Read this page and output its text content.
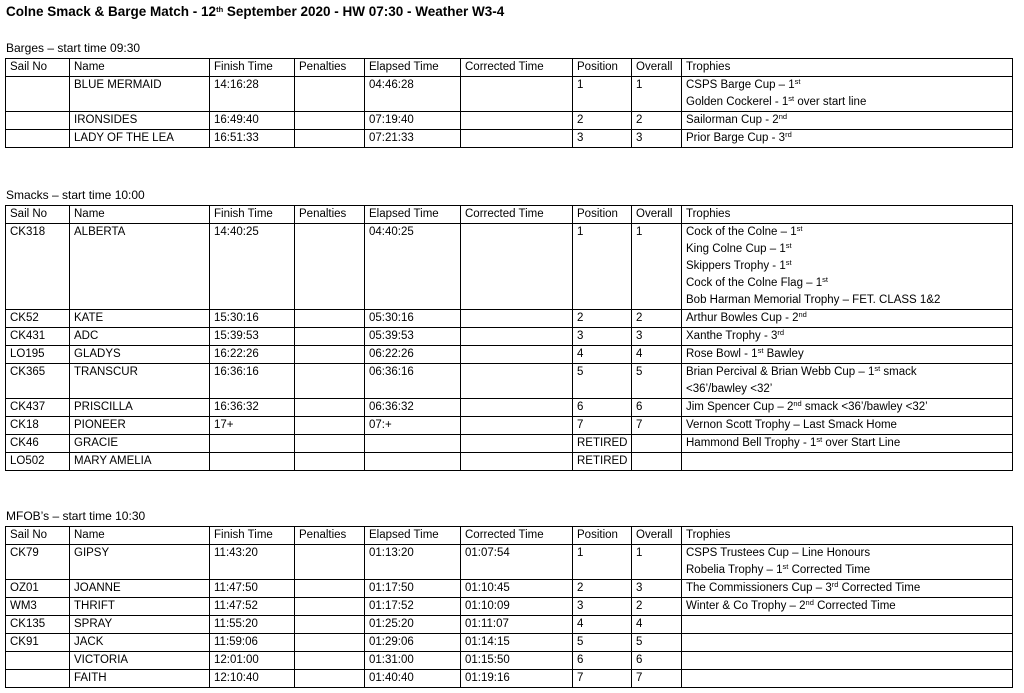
Colne Smack & Barge Match - 12th September 2020 - HW 07:30 - Weather W3-4
Barges – start time 09:30
Sail No	Name	Finish Time	Penalties	Elapsed Time	Corrected Time	Position	Overall	Trophies
	BLUE MERMAID	14:16:28		04:46:28		1	1	CSPS Barge Cup – 1st
Golden Cockerel - 1st over start line

	IRONSIDES	16:49:40		07:19:40		2	2	Sailorman Cup - 2nd

	LADY OF THE LEA	16:51:33		07:21:33		3	3	Prior Barge Cup - 3rd
Smacks – start time 10:00
Sail No	Name	Finish Time	Penalties	Elapsed Time	Corrected Time	Position	Overall	Trophies
CK318	ALBERTA	14:40:25		04:40:25		1	1	Cock of the Colne – 1st
King Colne Cup – 1st
Skippers Trophy - 1st
Cock of the Colne Flag – 1st
Bob Harman Memorial Trophy – FET. CLASS 1&2

CK52	KATE	15:30:16		05:30:16		2	2	Arthur Bowles Cup - 2nd

CK431	ADC	15:39:53		05:39:53		3	3	Xanthe Trophy - 3rd

LO195	GLADYS	16:22:26		06:22:26		4	4	Rose Bowl - 1st Bawley

CK365	TRANSCUR	16:36:16		06:36:16		5	5	Brian Percival & Brian Webb Cup – 1st smack
<36’/bawley <32’

CK437	PRISCILLA	16:36:32		06:36:32		6	6	Jim Spencer Cup – 2nd smack <36’/bawley <32’

CK18	PIONEER	17+		07:+		7	7	Vernon Scott Trophy – Last Smack Home

CK46	GRACIE					RETIRED		Hammond Bell Trophy - 1st over Start Line

LO502	MARY AMELIA					RETIRED		
MFOB’s – start time 10:30
Sail No	Name	Finish Time	Penalties	Elapsed Time	Corrected Time	Position	Overall	Trophies
CK79	GIPSY	11:43:20		01:13:20	01:07:54	1	1	CSPS Trustees Cup – Line Honours
Robelia Trophy – 1st Corrected Time

OZ01	JOANNE	11:47:50		01:17:50	01:10:45	2	3	The Commissioners Cup – 3rd Corrected Time

WM3	THRIFT	11:47:52		01:17:52	01:10:09	3	2	Winter & Co Trophy – 2nd Corrected Time

CK135	SPRAY	11:55:20		01:25:20	01:11:07	4	4	
CK91	JACK	11:59:06		01:29:06	01:14:15	5	5	
	VICTORIA	12:01:00		01:31:00	01:15:50	6	6	
	FAITH	12:10:40		01:40:40	01:19:16	7	7	
